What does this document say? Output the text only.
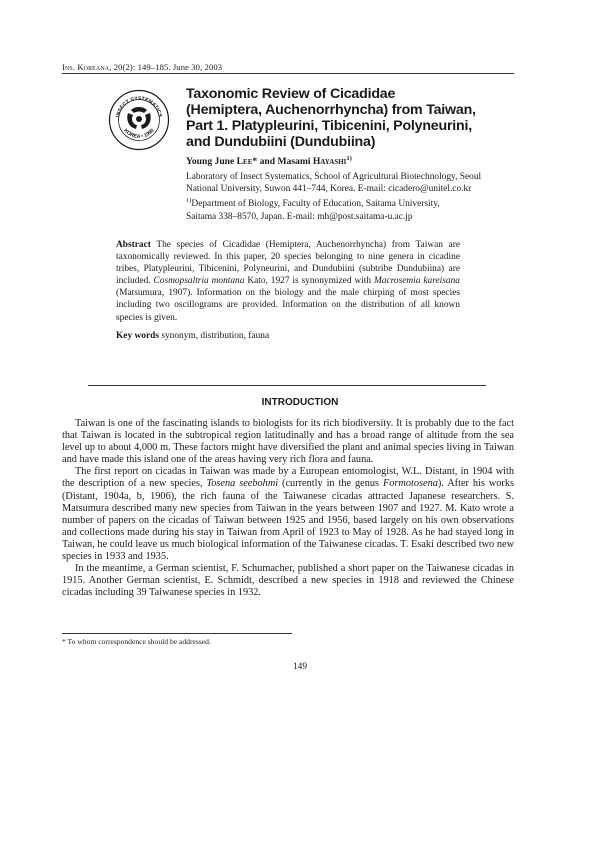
Ins. Koreana, 20(2): 149–185. June 30, 2003
INSECT SYSTEMATICS
KOREA • 1990
Taxonomic Review of Cicadidae
(Hemiptera, Auchenorrhyncha) from Taiwan,
Part 1. Platypleurini, Tibicenini, Polyneurini,
and Dundubiini (Dundubiina)
Young June Lee* and Masami Hayashi$^{1)}$
Laboratory of Insect Systematics, School of Agricultural Biotechnology, Seoul
National University, Suwon 441–744, Korea. E-mail: cicadero@unitel.co.kr
$^{1)}$Department of Biology, Faculty of Education, Saitama University,
Saitama 338–8570, Japan. E-mail: mh@post.saitama-u.ac.jp
Abstract The species of Cicadidae (Hemiptera, Auchenorrhyncha) from Taiwan are taxonomically reviewed. In this paper, 20 species belonging to nine genera in cicadine tribes, Platypleurini, Tibicenini, Polyneurini, and Dundubiini (subtribe Dundubiina) are included. Cosmopsaltria montana Kato, 1927 is synonymized with Macrosemia kareisana (Matsumura, 1907). Information on the biology and the male chirping of most species including two oscillograms are provided. Information on the distribution of all known species is given.
Key words synonym, distribution, fauna
INTRODUCTION

Taiwan is one of the fascinating islands to biologists for its rich biodiversity. It is probably due to the fact that Taiwan is located in the subtropical region latitudinally and has a broad range of altitude from the sea level up to about 4,000 m. These factors might have diversified the plant and animal species living in Taiwan and have made this island one of the areas having very rich flora and fauna.

The first report on cicadas in Taiwan was made by a European entomologist, W.L. Distant, in 1904 with the description of a new species, Tosena seebohmi (currently in the genus Formotosena). After his works (Distant, 1904a, b, 1906), the rich fauna of the Taiwanese cicadas attracted Japanese researchers. S. Matsumura described many new species from Taiwan in the years between 1907 and 1927. M. Kato wrote a number of papers on the cicadas of Taiwan between 1925 and 1956, based largely on his own observations and collections made during his stay in Taiwan from April of 1923 to May of 1928. As he had stayed long in Taiwan, he could leave us much biological information of the Taiwanese cicadas. T. Esaki described two new species in 1933 and 1935.

In the meantime, a German scientist, F. Schumacher, published a short paper on the Taiwanese cicadas in 1915. Another German scientist, E. Schmidt, described a new species in 1918 and reviewed the Chinese cicadas including 39 Taiwanese species in 1932.

* To whom correspondence should be addressed.
149
